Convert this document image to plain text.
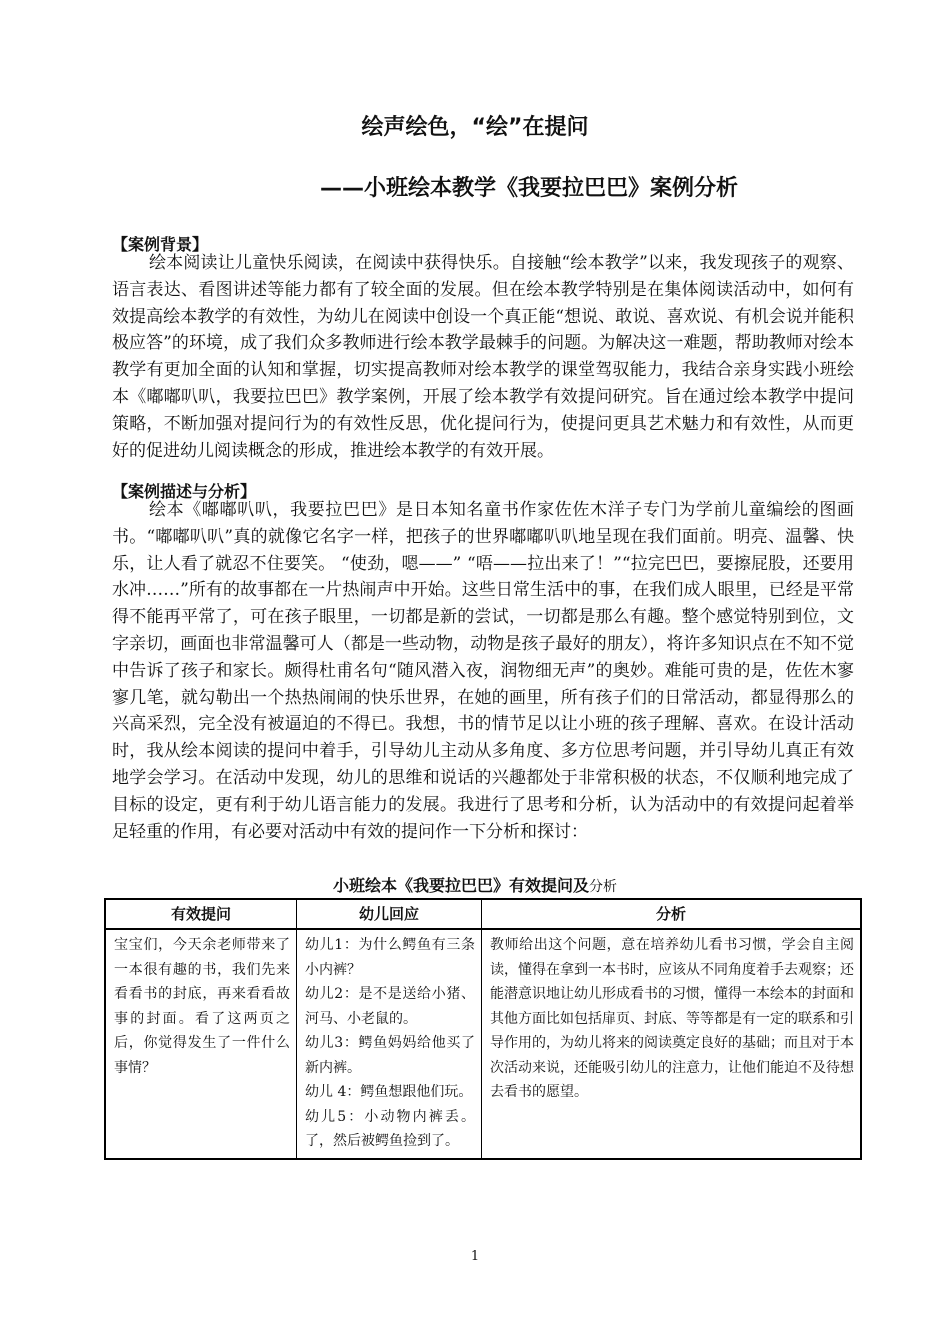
绘声绘色，“绘”在提问
——小班绘本教学《我要拉巴巴》案例分析
【案例背景】
绘本阅读让儿童快乐阅读，在阅读中获得快乐。自接触“绘本教学”以来，我发现孩子的观察、语言表达、看图讲述等能力都有了较全面的发展。但在绘本教学特别是在集体阅读活动中，如何有效提高绘本教学的有效性，为幼儿在阅读中创设一个真正能“想说、敢说、喜欢说、有机会说并能积极应答”的环境，成了我们众多教师进行绘本教学最棘手的问题。为解决这一难题，帮助教师对绘本教学有更加全面的认知和掌握，切实提高教师对绘本教学的课堂驾驭能力，我结合亲身实践小班绘本《嘟嘟叭叭，我要拉巴巴》教学案例，开展了绘本教学有效提问研究。旨在通过绘本教学中提问策略，不断加强对提问行为的有效性反思，优化提问行为，使提问更具艺术魅力和有效性，从而更好的促进幼儿阅读概念的形成，推进绘本教学的有效开展。
【案例描述与分析】
绘本《嘟嘟叭叭，我要拉巴巴》是日本知名童书作家佐佐木洋子专门为学前儿童编绘的图画书。“嘟嘟叭叭”真的就像它名字一样，把孩子的世界嘟嘟叭叭地呈现在我们面前。明亮、温馨、快乐，让人看了就忍不住要笑。 “使劲，嗯——” “唔——拉出来了！”“拉完巴巴，要擦屁股，还要用水冲……”所有的故事都在一片热闹声中开始。这些日常生活中的事，在我们成人眼里，已经是平常得不能再平常了，可在孩子眼里，一切都是新的尝试，一切都是那么有趣。整个感觉特别到位，文字亲切，画面也非常温馨可人（都是一些动物，动物是孩子最好的朋友），将许多知识点在不知不觉中告诉了孩子和家长。颇得杜甫名句“随风潜入夜，润物细无声”的奥妙。难能可贵的是，佐佐木寥寥几笔，就勾勒出一个热热闹闹的快乐世界，在她的画里，所有孩子们的日常活动，都显得那么的兴高采烈，完全没有被逼迫的不得已。我想，书的情节足以让小班的孩子理解、喜欢。在设计活动时，我从绘本阅读的提问中着手，引导幼儿主动从多角度、多方位思考问题，并引导幼儿真正有效地学会学习。在活动中发现，幼儿的思维和说话的兴趣都处于非常积极的状态，不仅顺利地完成了目标的设定，更有利于幼儿语言能力的发展。我进行了思考和分析，认为活动中的有效提问起着举足轻重的作用，有必要对活动中有效的提问作一下分析和探讨：
小班绘本《我要拉巴巴》有效提问及分析
有效提问	幼儿回应	分析
宝宝们，今天余老师带来了一本很有趣的书，我们先来看看书的封底，再来看看故事的封面。看了这两页之后，你觉得发生了一件什么事情？	幼儿1：为什么鳄鱼有三条小内裤？
幼儿2：是不是送给小猪、河马、小老鼠的。
幼儿3：鳄鱼妈妈给他买了新内裤。
幼儿 4：鳄鱼想跟他们玩。
幼儿5：小动物内裤丢。了，然后被鳄鱼捡到了。	教师给出这个问题，意在培养幼儿看书习惯，学会自主阅读，懂得在拿到一本书时，应该从不同角度着手去观察；还能潜意识地让幼儿形成看书的习惯，懂得一本绘本的封面和其他方面比如包括扉页、封底、等等都是有一定的联系和引导作用的，为幼儿将来的阅读奠定良好的基础；而且对于本次活动来说，还能吸引幼儿的注意力，让他们能迫不及待想去看书的愿望。
1
